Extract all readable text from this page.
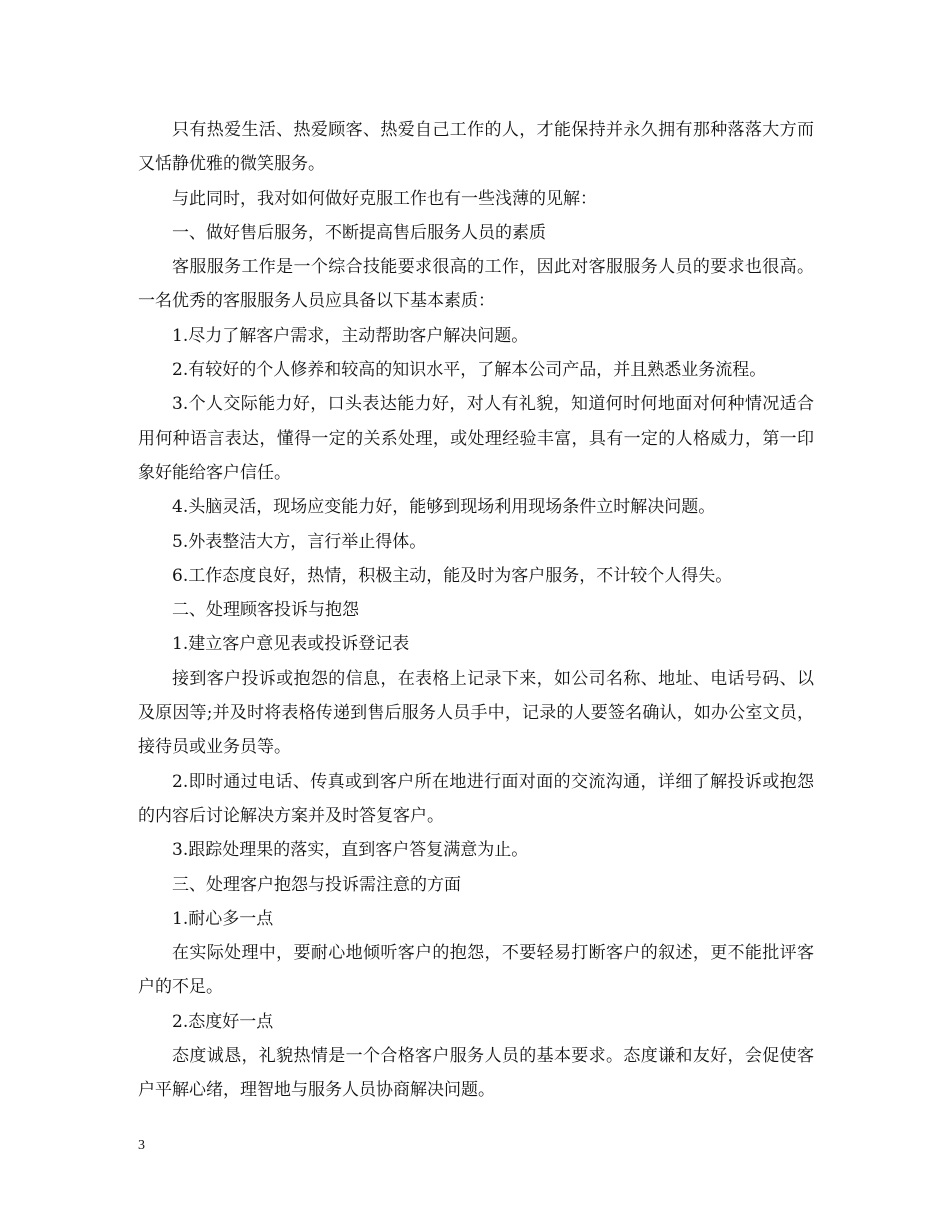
只有热爱生活、热爱顾客、热爱自己工作的人，才能保持并永久拥有那种落落大方而又恬静优雅的微笑服务。

与此同时，我对如何做好克服工作也有一些浅薄的见解：

一、做好售后服务，不断提高售后服务人员的素质

客服服务工作是一个综合技能要求很高的工作，因此对客服服务人员的要求也很高。一名优秀的客服服务人员应具备以下基本素质：

1.尽力了解客户需求，主动帮助客户解决问题。

2.有较好的个人修养和较高的知识水平，了解本公司产品，并且熟悉业务流程。

3.个人交际能力好，口头表达能力好，对人有礼貌，知道何时何地面对何种情况适合用何种语言表达，懂得一定的关系处理，或处理经验丰富，具有一定的人格威力，第一印象好能给客户信任。

4.头脑灵活，现场应变能力好，能够到现场利用现场条件立时解决问题。

5.外表整洁大方，言行举止得体。

6.工作态度良好，热情，积极主动，能及时为客户服务，不计较个人得失。

二、处理顾客投诉与抱怨

1.建立客户意见表或投诉登记表

接到客户投诉或抱怨的信息，在表格上记录下来，如公司名称、地址、电话号码、以及原因等;并及时将表格传递到售后服务人员手中，记录的人要签名确认，如办公室文员，接待员或业务员等。

2.即时通过电话、传真或到客户所在地进行面对面的交流沟通，详细了解投诉或抱怨的内容后讨论解决方案并及时答复客户。

3.跟踪处理果的落实，直到客户答复满意为止。

三、处理客户抱怨与投诉需注意的方面

1.耐心多一点

在实际处理中，要耐心地倾听客户的抱怨，不要轻易打断客户的叙述，更不能批评客户的不足。

2.态度好一点

态度诚恳，礼貌热情是一个合格客户服务人员的基本要求。态度谦和友好，会促使客户平解心绪，理智地与服务人员协商解决问题。

3
